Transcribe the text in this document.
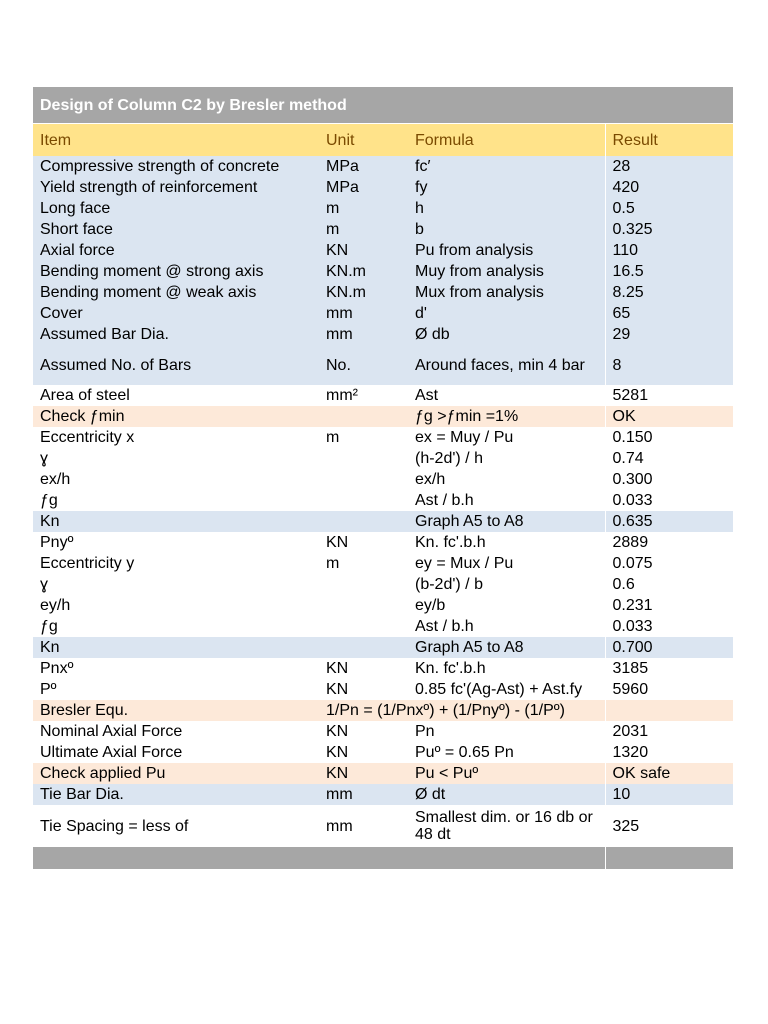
Design of Column C2 by Bresler method
Item	Unit	Formula	Result
Compressive strength of concrete	MPa	fc′	28
Yield strength of reinforcement	MPa	fy	420
Long face	m	h	0.5
Short face	m	b	0.325
Axial force	KN	Pu from analysis	110
Bending moment @ strong axis	KN.m	Muy from analysis	16.5
Bending moment @ weak axis	KN.m	Mux from analysis	8.25
Cover	mm	d'	65
Assumed Bar Dia.	mm	Ø db	29
Assumed No. of Bars	No.	Around faces, min 4 bar	8
Area of steel	mm²	Ast	5281
Check ƒmin		ƒg >ƒmin =1%	OK
Eccentricity x	m	ex = Muy / Pu	0.150
ɣ		(h-2d') / h	0.74
ex/h		ex/h	0.300
ƒg		Ast / b.h	0.033
Kn		Graph A5 to A8	0.635
Pnyº	KN	Kn. fc'.b.h	2889
Eccentricity y	m	ey = Mux / Pu	0.075
ɣ		(b-2d') / b	0.6
ey/h		ey/b	0.231
ƒg		Ast / b.h	0.033
Kn		Graph A5 to A8	0.700
Pnxº	KN	Kn. fc'.b.h	3185
Pº	KN	0.85 fc'(Ag-Ast) + Ast.fy	5960
Bresler Equ.	1/Pn = (1/Pnxº) + (1/Pnyº) - (1/Pº)		
Nominal Axial Force	KN	Pn	2031
Ultimate Axial Force	KN	Puº = 0.65 Pn	1320
Check applied Pu	KN	Pu < Puº	OK safe
Tie Bar Dia.	mm	Ø dt	10
Tie Spacing = less of	mm	Smallest dim. or 16 db or 48 dt	325
